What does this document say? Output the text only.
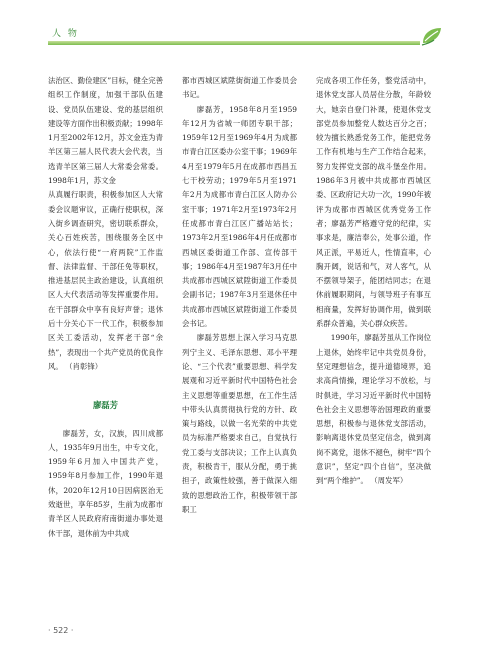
人 物

法治区、勤俭建区”目标，健全完善组织工作制度，加强干部队伍建设、党员队伍建设、党的基层组织建设等方面作出积极贡献；1998年1月至2002年12月，苏文金连为青羊区第三届人民代表大会代表，当选青羊区第三届人大常委会常委。1998年1月，苏文金

从真履行职责，积极参加区人大常委会议题审议，正确行使职权，深入街乡调查研究，密切联系群众，关心百姓疾苦，围绕服务全区中心，依法行使“一府两院”工作监督、法律监督、干部任免等职权，推进基层民主政治建设，认真组织区人大代表活动等发挥重要作用。在干部群众中享有良好声誉；退休后十分关心下一代工作，积极参加区关工委活动，发挥老干部“余热”，表现出一个共产党员的优良作风。 （肖彰锋）

廖磊芳

廖磊芳，女，汉族，四川成都人，1935年9月出生，中专文化，1959年6月加入中国共产党，1959年8月参加工作，1990年退休，2020年12月10日因病医治无效逝世，享年85岁，生前为成都市青羊区人民政府府南街道办事处退休干部，退休前为中共成

都市西城区斌陞街街道工作委员会书记。

廖磊芳，1958年8月至1959年12月为省城一师团专职干部；1959年12月至1969年4月为成都市青白江区委办公室干事；1969年4月至1979年5月在成都市西昌五七干校劳动；1979年5月至1971年2月为成都市青白江区人防办公室干事；1971年2月至1973年2月任成都市青白江区广播站站长；1973年2月至1986年4月任成都市西城区委街道工作部、宣传部干事；1986年4月至1987年3月任中共成都市西城区斌陞街道工作委员会副书记；1987年3月至退休任中共成都市西城区斌陞街道工作委员会书记。

廖磊芳思想上深入学习马克思列宁主义、毛泽东思想、邓小平理论、“三个代表”重要思想、科学发展观和习近平新时代中国特色社会主义思想等重要思想，在工作生活中带头认真贯彻执行党的方针、政策与路线，以做一名光荣的中共党员为标准严格要求自己，自觉执行党工委与支部决议；工作上认真负责，积极肯干，服从分配，勇于挑担子，政策性较强，善于做深入细致的思想政治工作，积极带领干部职工

完成各项工作任务，整党活动中，退休党支部人员居住分散，年龄较大，她亲自登门补课，使退休党支部党员参加整党人数达百分之百；较为擅长熟悉党务工作，能把党务工作有机地与生产工作结合起来，努力发挥党支部的战斗堡垒作用。1986年3月被中共成都市西城区委、区政府记大功一次，1990年被评为成都市西城区优秀党务工作者；廖磊芳严格遵守党的纪律，实事求是，廉洁奉公，处事公道，作风正派，平易近人，性情直率，心胸开阔，说话和气，对人客气，从不摆领导架子，能团结同志；在退休前履职期间，与领导班子有事互相商量，发挥好协调作用，做到联系群众普遍，关心群众疾苦。

1990年，廖磊芳虽从工作岗位上退休，始终牢记中共党员身份，坚定理想信念，提升道德境界，追求高尚情操，理论学习不放松，与时俱进，学习习近平新时代中国特色社会主义思想等治国理政的重要思想，积极参与退休党支部活动，影响离退休党员坚定信念，做到离岗不离党，退休不褪色，树牢“四个意识”，坚定“四个自信”，坚决做到“两个维护”。 （周发军）

· 522 ·
